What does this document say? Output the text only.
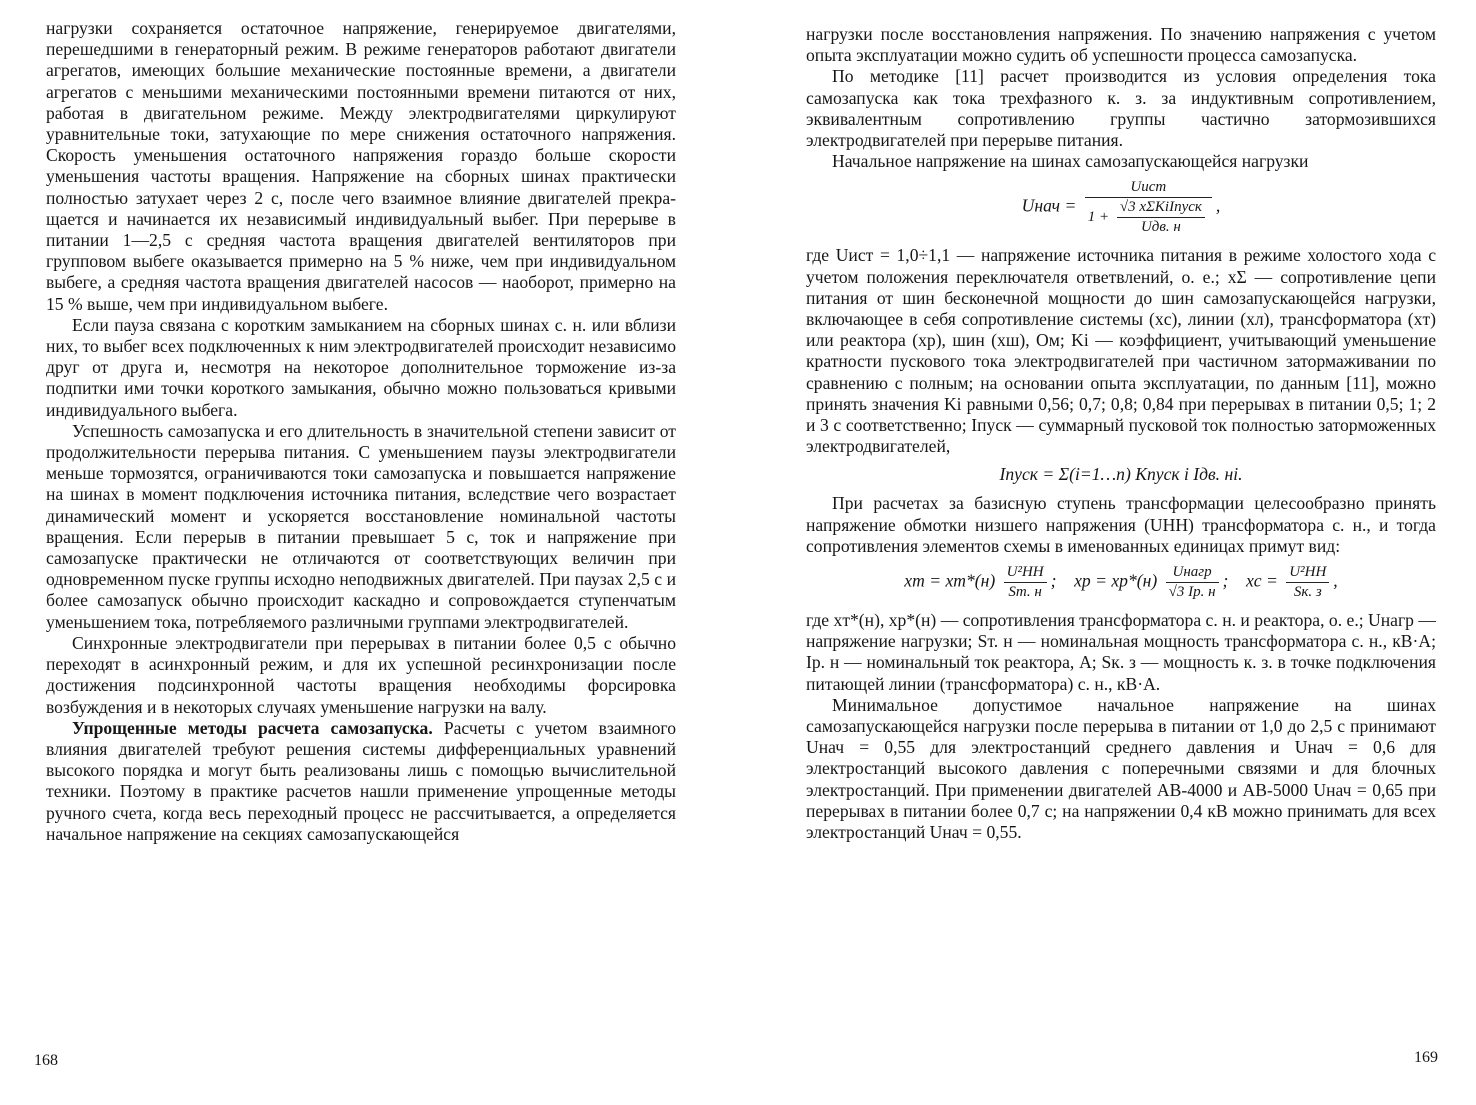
нагрузки сохраняется остаточное напряжение, генерируемое двигателями, перешедшими в генераторный режим. В режиме генераторов работают двигатели агрегатов, имеющих большие механические постоянные времени, а двигатели агрегатов с меньшими механическими постоянными времени питаются от них, работая в двигательном режиме. Между электродвигателями циркулируют уравнительные токи, затухающие по мере снижения остаточного напряжения. Скорость уменьшения остаточного напряжения гораздо больше скорости уменьшения частоты вращения. Напряжение на сборных шинах практически полностью затухает через 2 с, после чего взаимное влияние двигателей прекращается и начинается их независимый индивидуальный выбег. При перерыве в питании 1—2,5 с средняя частота вращения двигателей вентиляторов при групповом выбеге оказывается примерно на 5 % ниже, чем при индивидуальном выбеге, а средняя частота вращения двигателей насосов — наоборот, примерно на 15 % выше, чем при индивидуальном выбеге.

Если пауза связана с коротким замыканием на сборных шинах с. н. или вблизи них, то выбег всех подключенных к ним электродвигателей происходит независимо друг от друга и, несмотря на некоторое дополнительное торможение из-за подпитки ими точки короткого замыкания, обычно можно пользоваться кривыми индивидуального выбега.

Успешность самозапуска и его длительность в значительной степени зависит от продолжительности перерыва питания. С уменьшением паузы электродвигатели меньше тормозятся, ограничиваются токи самозапуска и повышается напряжение на шинах в момент подключения источника питания, вследствие чего возрастает динамический момент и ускоряется восстановление номинальной частоты вращения. Если перерыв в питании превышает 5 с, ток и напряжение при самозапуске практически не отличаются от соответствующих величин при одновременном пуске группы исходно неподвижных двигателей. При паузах 2,5 с и более самозапуск обычно происходит каскадно и сопровождается ступенчатым уменьшением тока, потребляемого различными группами электродвигателей.

Синхронные электродвигатели при перерывах в питании более 0,5 с обычно переходят в асинхронный режим, и для их успешной ресинхронизации после достижения подсинхронной частоты вращения необходимы форсировка возбуждения и в некоторых случаях уменьшение нагрузки на валу.

Упрощенные методы расчета самозапуска. Расчеты с учетом взаимного влияния двигателей требуют решения системы дифференциальных уравнений высокого порядка и могут быть реализованы лишь с помощью вычислительной техники. Поэтому в практике расчетов нашли применение упрощенные методы ручного счета, когда весь переходный процесс не рассчитывается, а определяется начальное напряжение на секциях самозапускающейся

168

нагрузки после восстановления напряжения. По значению напряжения с учетом опыта эксплуатации можно судить об успешности процесса самозапуска.

По методике [11] расчет производится из условия определения тока самозапуска как тока трехфазного к. з. за индуктивным сопротивлением, эквивалентным сопротивлению группы частично затормозившихся электродвигателей при перерыве питания.

Начальное напряжение на шинах самозапускающейся нагрузки

Uнач =
Uист
$1 + \frac{\text{√3 xΣKiIпуск}}{\text{Uдв. н}}$ ,

где Uист = 1,0÷1,1 — напряжение источника питания в режиме холостого хода с учетом положения переключателя ответвлений, о. е.; xΣ — сопротивление цепи питания от шин бесконечной мощности до шин самозапускающейся нагрузки, включающее в себя сопротивление системы (xс), линии (xл), трансформатора (xт) или реактора (xр), шин (xш), Ом; Ki — коэффициент, учитывающий уменьшение кратности пускового тока электродвигателей при частичном затормаживании по сравнению с полным; на основании опыта эксплуатации, по данным [11], можно принять значения Ki равными 0,56; 0,7; 0,8; 0,84 при перерывах в питании 0,5; 1; 2 и 3 с соответственно; Iпуск — суммарный пусковой ток полностью заторможенных электродвигателей,

Iпуск = Σ(i=1…n) Kпуск i Iдв. нi.

При расчетах за базисную ступень трансформации целесообразно принять напряжение обмотки низшего напряжения (UНН) трансформатора с. н., и тогда сопротивления элементов схемы в именованных единицах примут вид:

xт = $xт*(н) \frac{\text{U²НН}}{Sт. н}$ ; xр = $xр*(н) \frac{\text{Uнагр}}{√3 Iр. н}$ ; xс = $\frac{\text{U²НН}}{Sк. з}$ ,

где xт*(н), xр*(н) — сопротивления трансформатора с. н. и реактора, о. е.; Uнагр — напряжение нагрузки; Sт. н — номинальная мощность трансформатора с. н., кВ·А; Iр. н — номинальный ток реактора, А; Sк. з — мощность к. з. в точке подключения питающей линии (трансформатора) с. н., кВ·А.

Минимальное допустимое начальное напряжение на шинах самозапускающейся нагрузки после перерыва в питании от 1,0 до 2,5 с принимают Uнач = 0,55 для электростанций среднего давления и Uнач = 0,6 для электростанций высокого давления с поперечными связями и для блочных электростанций. При применении двигателей АВ-4000 и АВ-5000 Uнач = 0,65 при перерывах в питании более 0,7 с; на напряжении 0,4 кВ можно принимать для всех электростанций Uнач = 0,55.

169
